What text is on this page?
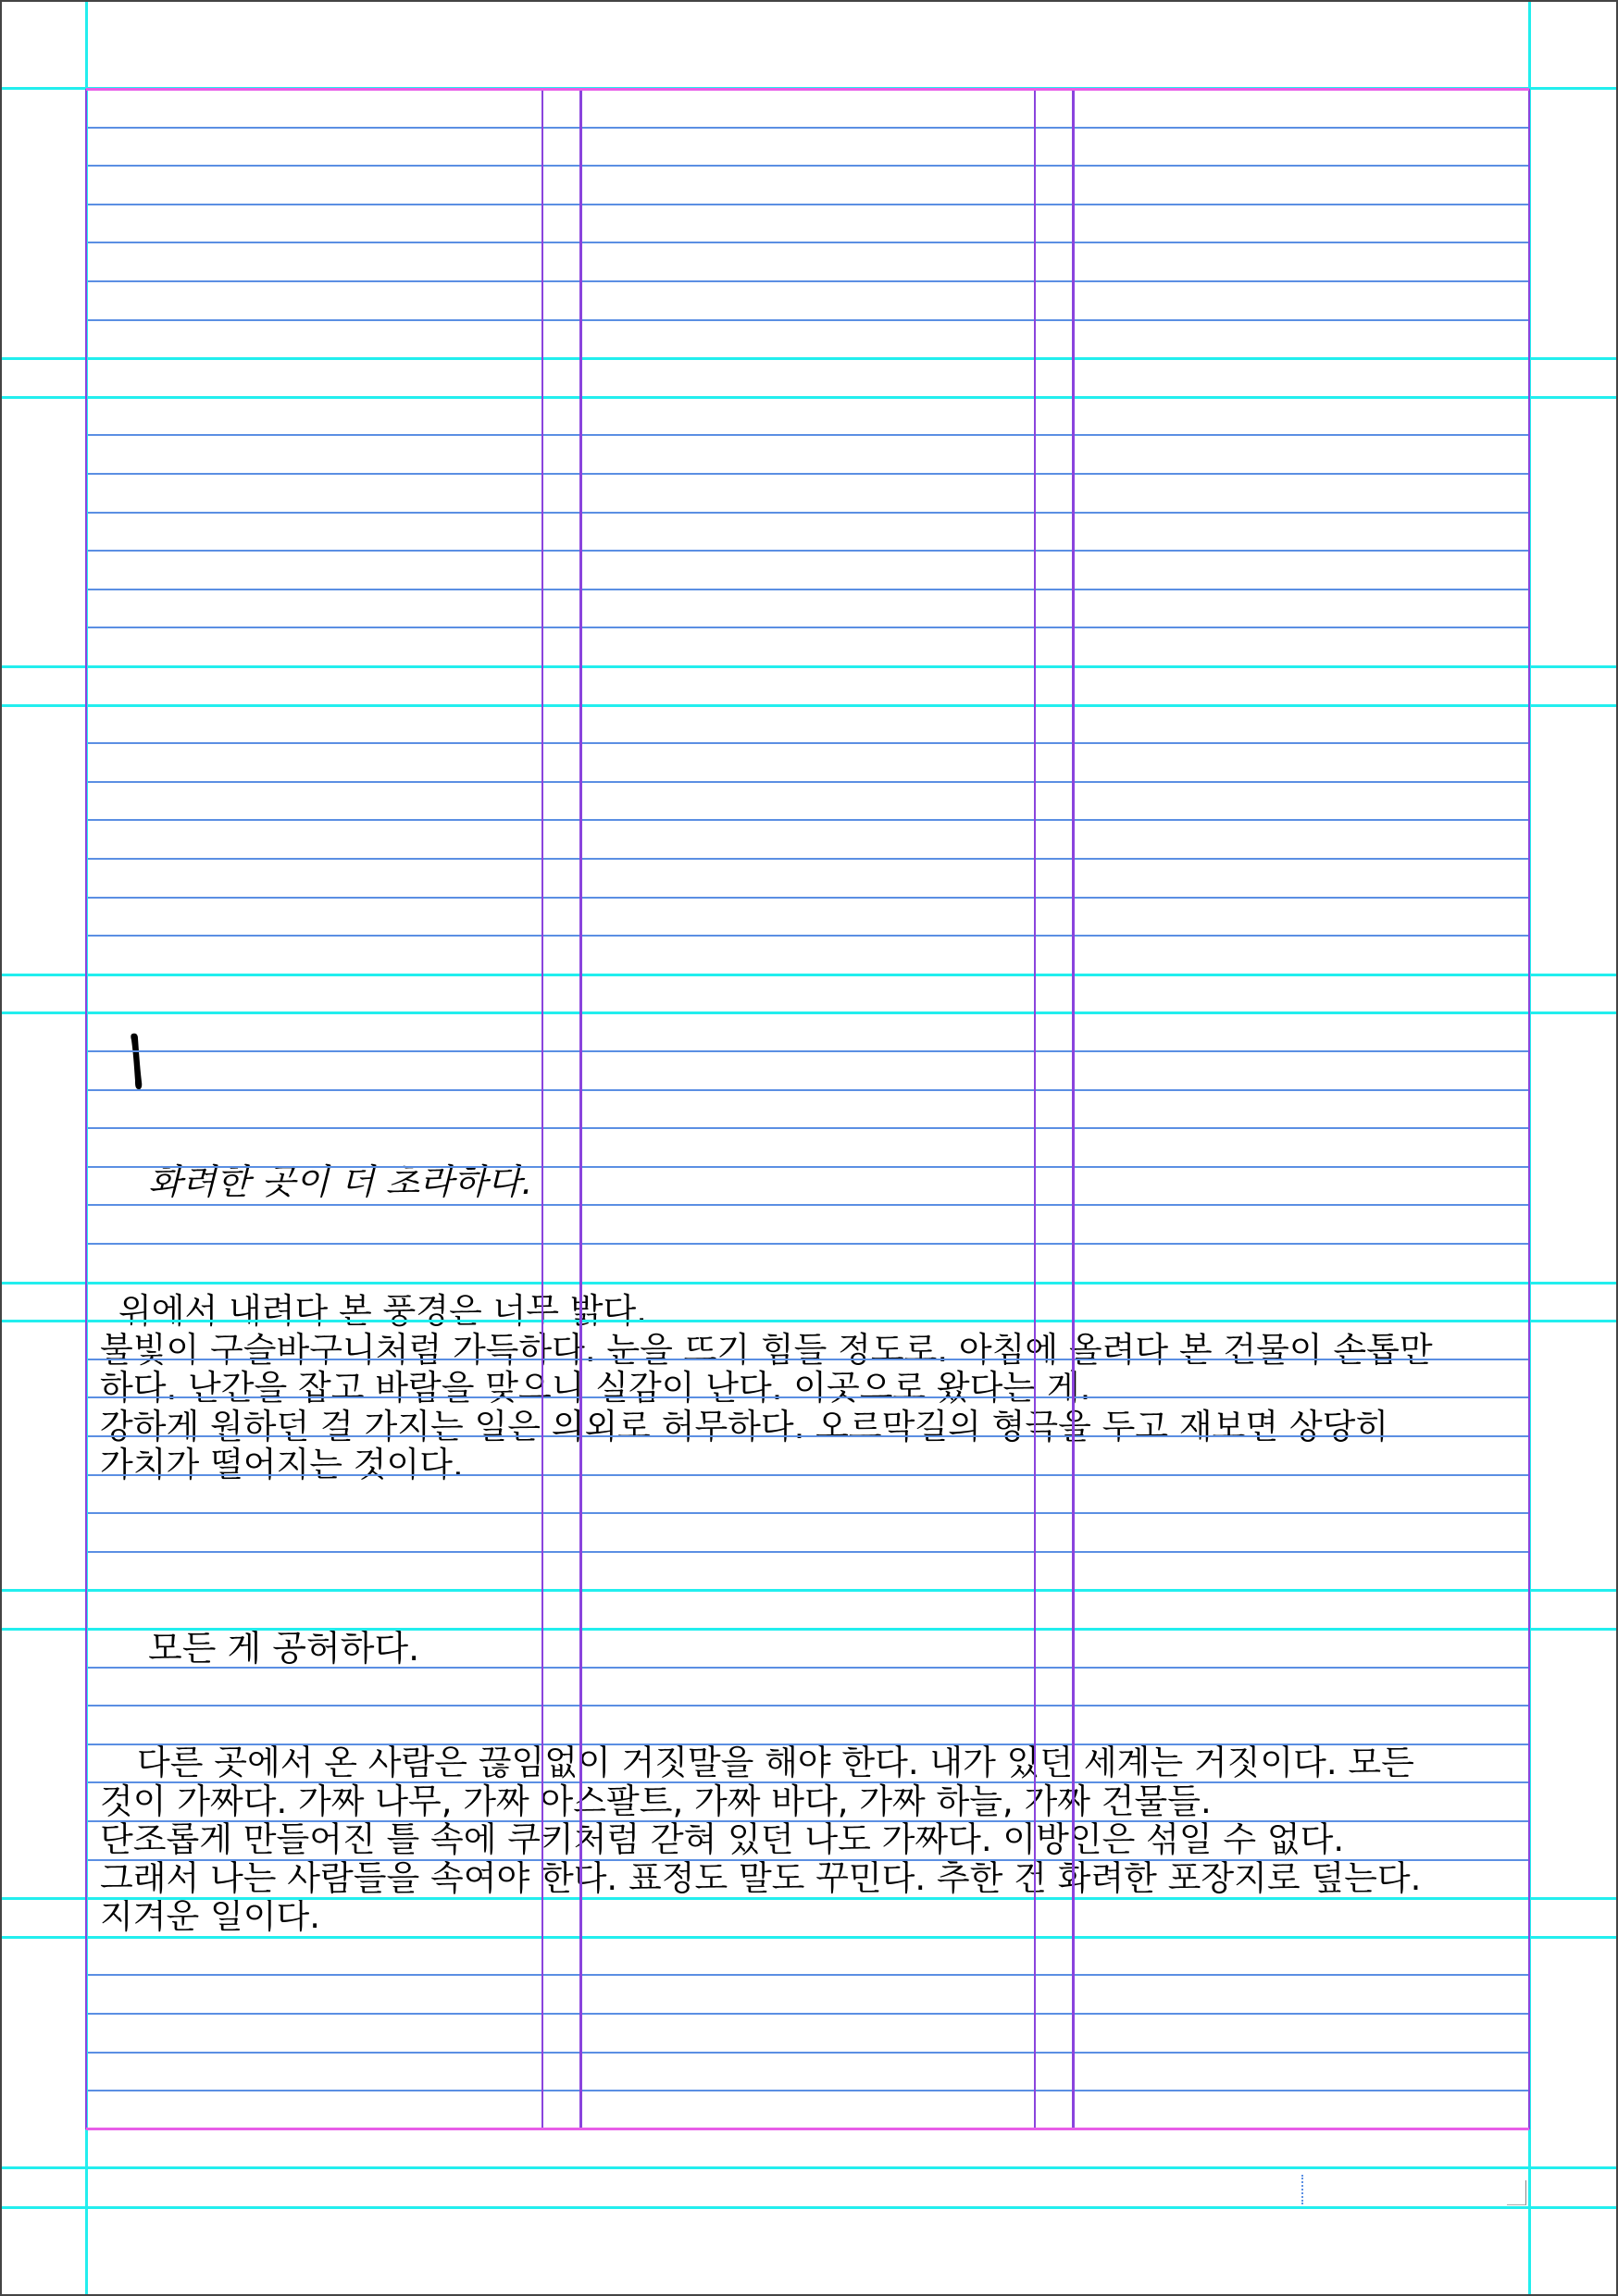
화려한 곳이 더 초라하다.
위에서 내려다 본 풍경은 너무 밝다.
불빛이 구슬바구니처럼 가득하다. 눈을 뜨기 힘들 정도로. 아침에 올려다 본 건물이 손톱만
하다. 난간을 잡고 바람을 맞으니 실감이 난다. 이곳으로 왔다는 게.
강하게 원하던 걸 가지는 일은 의외로 허무하다. 오르막길의 형극을 두고 재보면 상당히
가치가 떨어지는 것이다.
모든 게 공허하다.
다른 곳에서 온 사람은 끊임없이 거짓말을 해야 한다. 내가 있던 세계는 거짓이다. 모든
것이 가짜다. 가짜 나무, 가짜 아스팔트, 가짜 바다, 가짜 하늘, 가짜 건물들.
단조롭게 만들어진 틀 속에 쿠키처럼 갇혀 있던 나도 가짜다. 이방인은 섞일 수 없다.
그래서 나는 사람들을 속여야 한다. 표정도 말도 꾸민다. 추한 건 화려한 포장지로 덮는다.
지겨운 일이다.
